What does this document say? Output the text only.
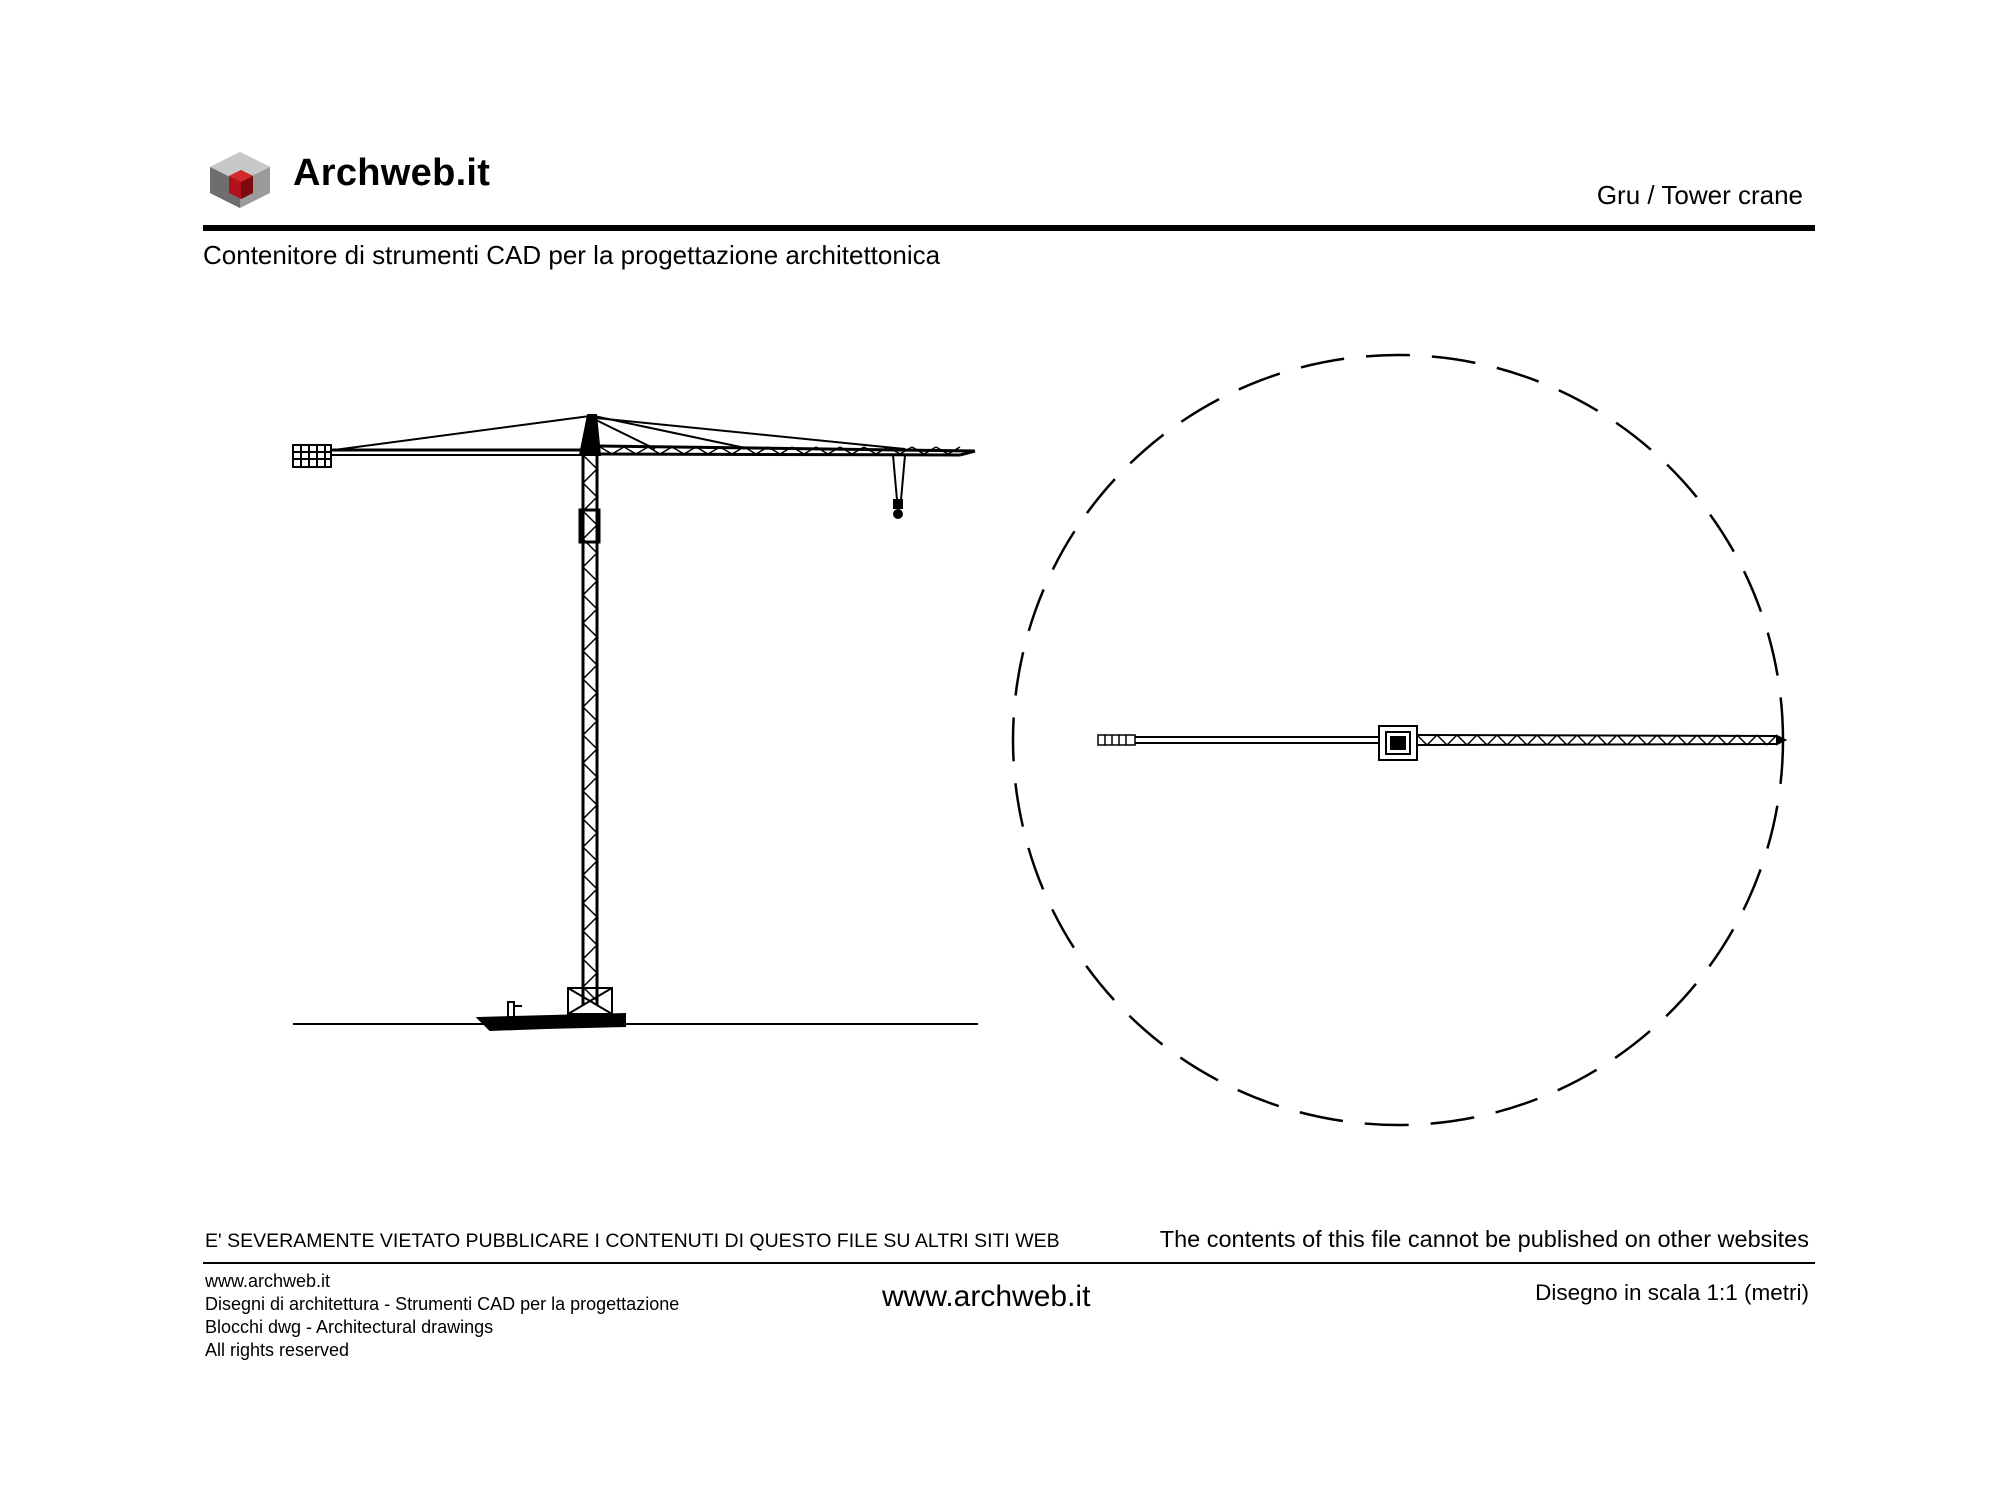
Archweb.it
Gru / Tower crane
Contenitore di strumenti CAD per la progettazione architettonica
E' SEVERAMENTE VIETATO PUBBLICARE I CONTENUTI DI QUESTO FILE SU ALTRI SITI WEB	The contents of this file cannot be published on other websites
www.archweb.it
Disegni di architettura - Strumenti CAD per la progettazione
Blocchi dwg - Architectural drawings
All rights reserved
www.archweb.it	Disegno in scala 1:1 (metri)
